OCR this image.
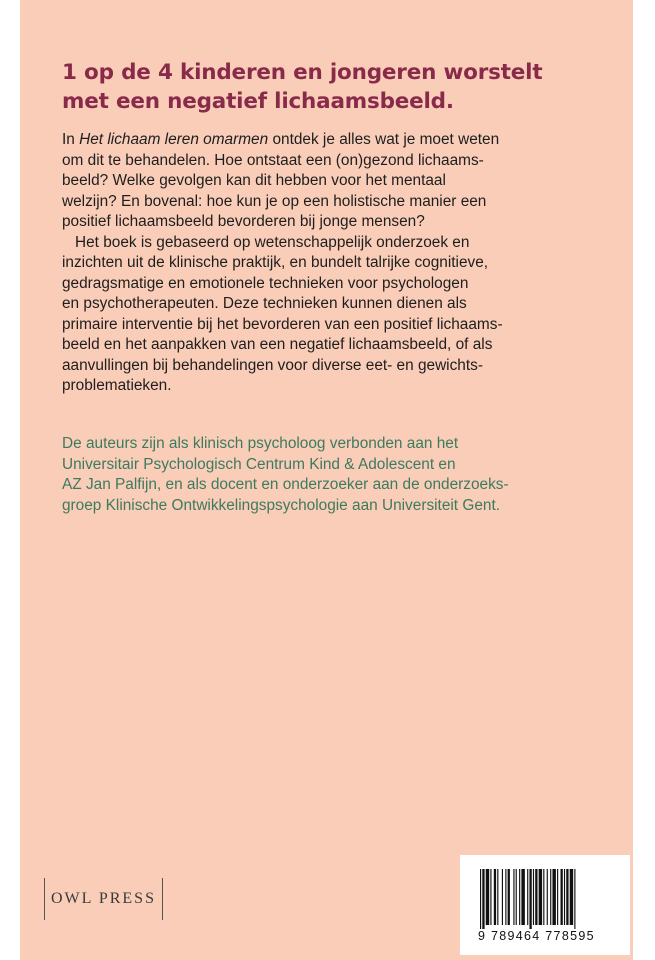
1 op de 4 kinderen en jongeren worstelt
met een negatief lichaamsbeeld.
In Het lichaam leren omarmen ontdek je alles wat je moet weten
om dit te behandelen. Hoe ontstaat een (on)gezond lichaams-
beeld? Welke gevolgen kan dit hebben voor het mentaal
welzijn? En bovenal: hoe kun je op een holistische manier een
positief lichaamsbeeld bevorderen bij jonge mensen?
Het boek is gebaseerd op wetenschappelijk onderzoek en
inzichten uit de klinische praktijk, en bundelt talrijke cognitieve,
gedragsmatige en emotionele technieken voor psychologen
en psychotherapeuten. Deze technieken kunnen dienen als
primaire interventie bij het bevorderen van een positief lichaams-
beeld en het aanpakken van een negatief lichaamsbeeld, of als
aanvullingen bij behandelingen voor diverse eet- en gewichts-
problematieken.
De auteurs zijn als klinisch psycholoog verbonden aan het
Universitair Psychologisch Centrum Kind & Adolescent en
AZ Jan Palfijn, en als docent en onderzoeker aan de onderzoeks-
groep Klinische Ontwikkelingspsychologie aan Universiteit Gent.
OWL PRESS
9 789464 778595
